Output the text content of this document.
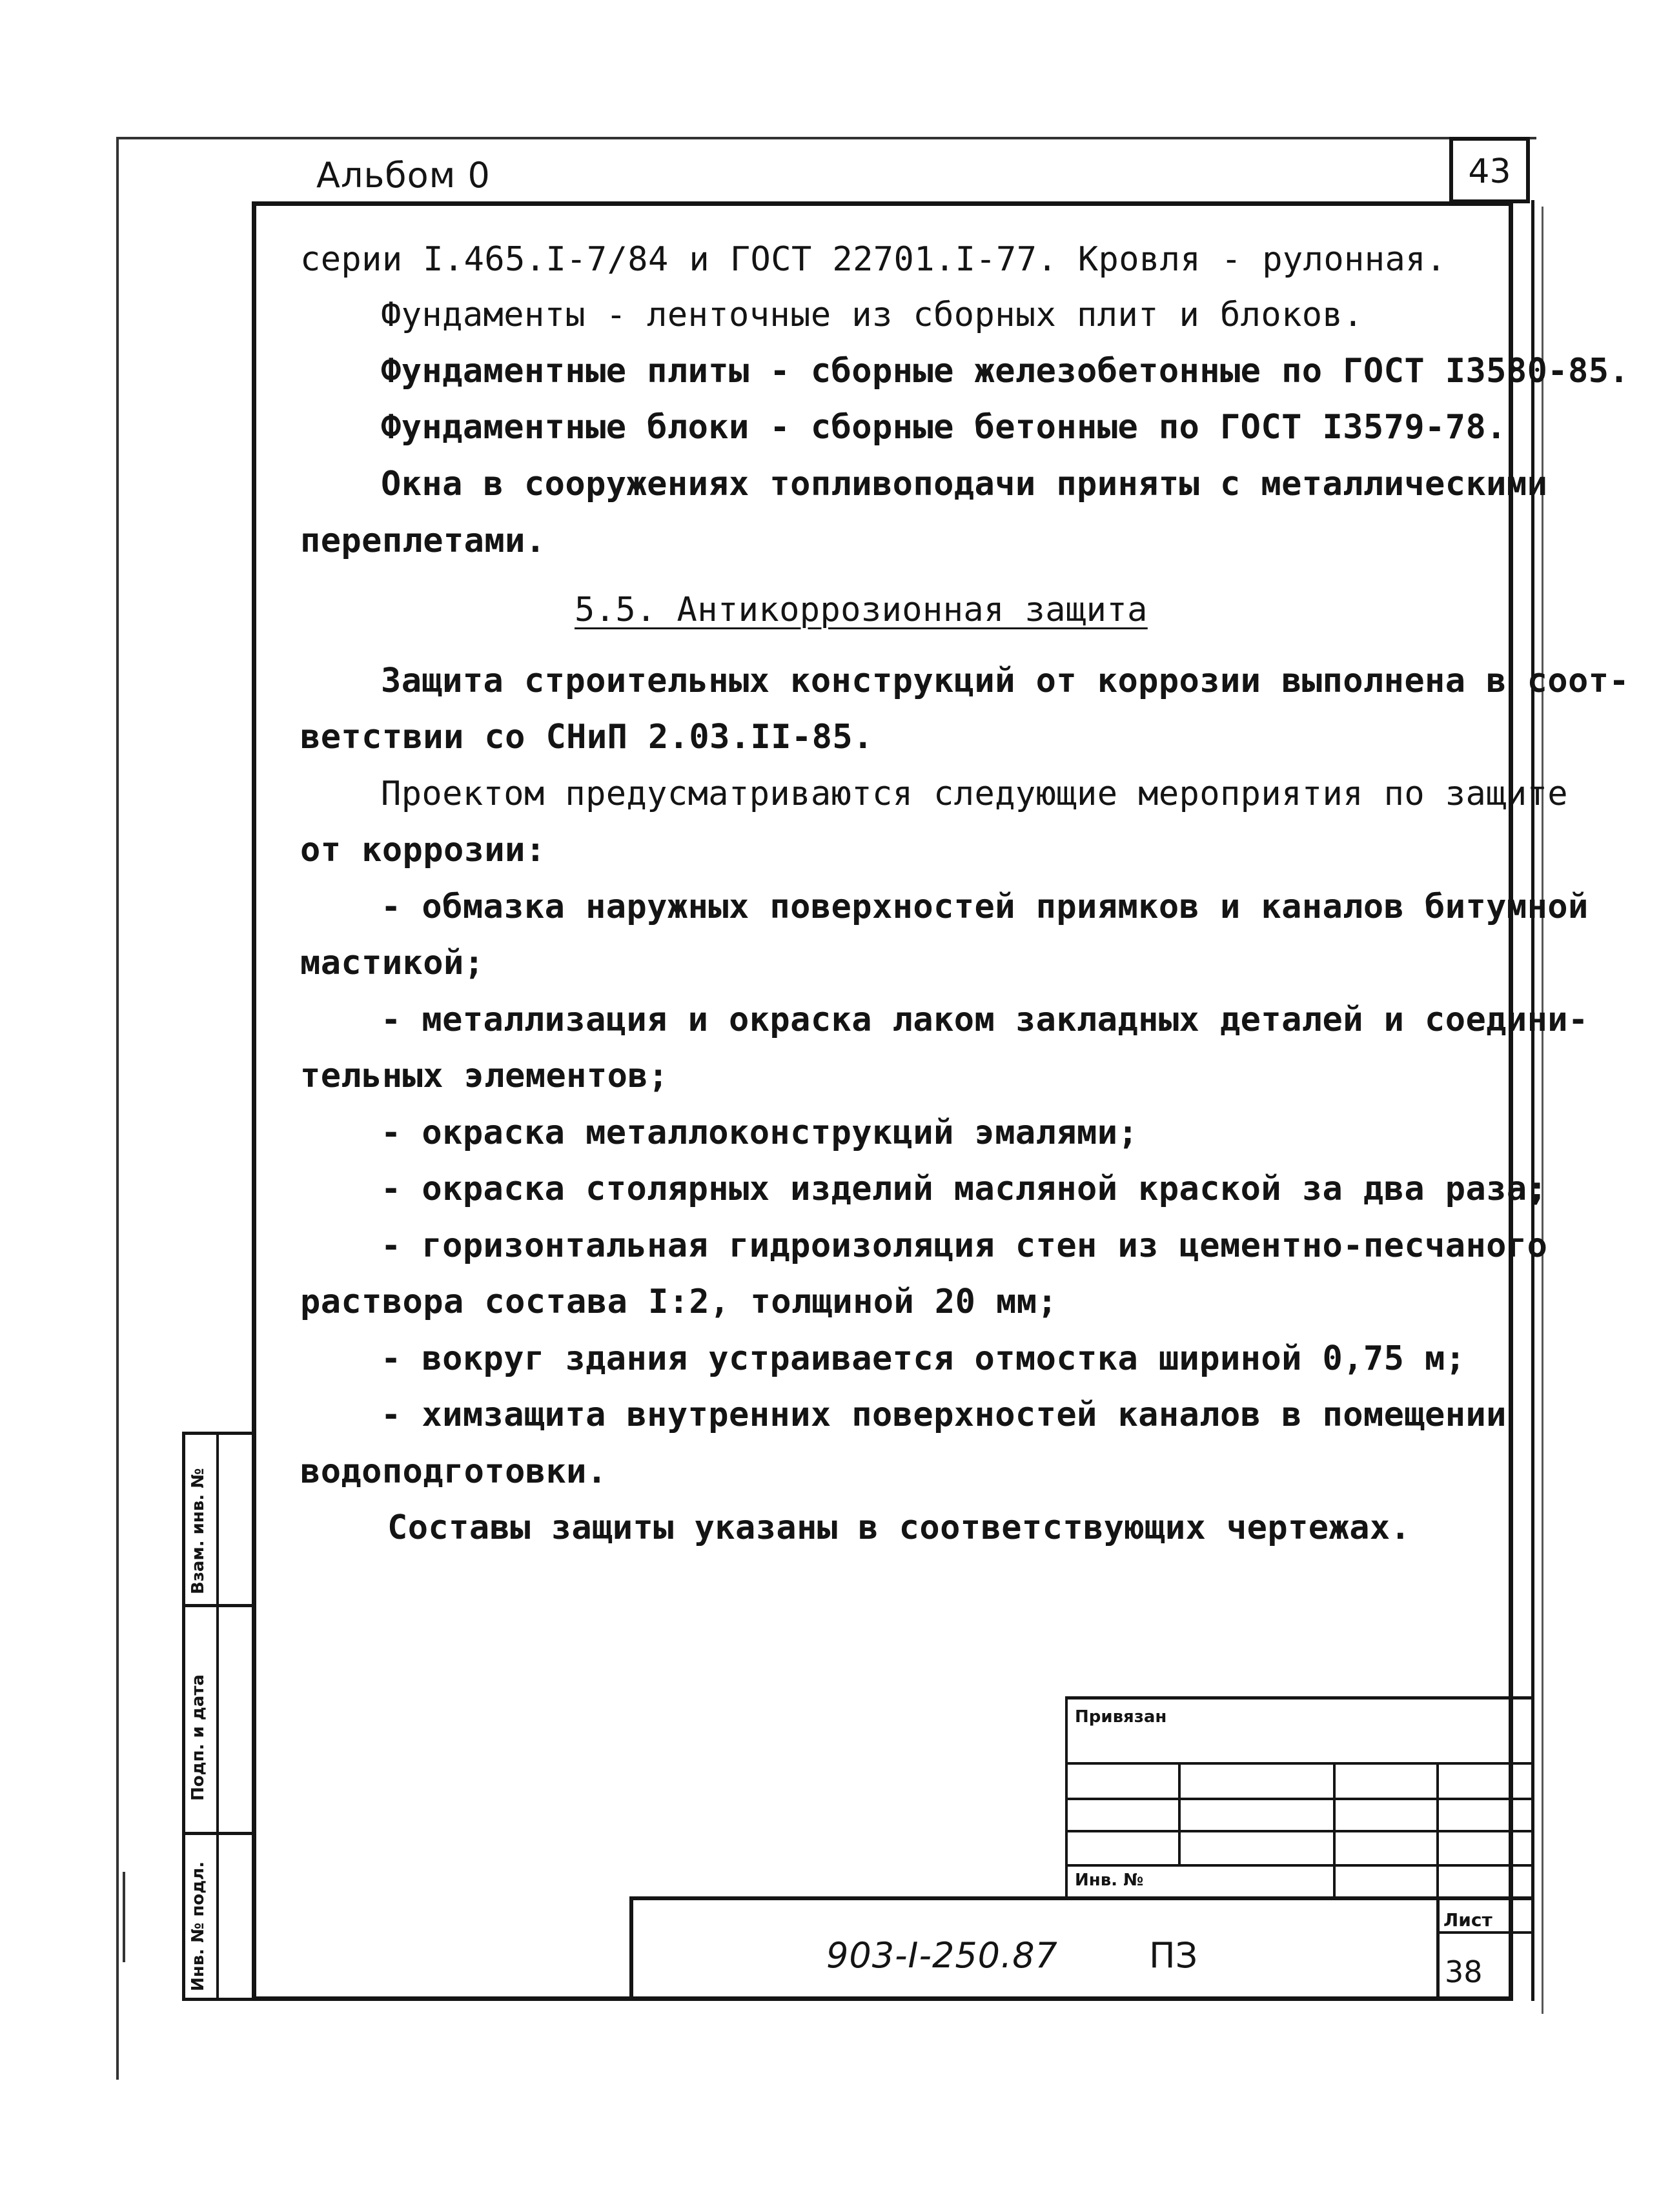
Альбом 0	43
серии I.465.I-7/84 и ГОСТ 22701.I-77. Кровля - рулонная.
Фундаменты - ленточные из сборных плит и блоков.
Фундаментные плиты - сборные железобетонные по ГОСТ I3580-85.
Фундаментные блоки - сборные бетонные по ГОСТ I3579-78.
Окна в сооружениях топливоподачи приняты с металлическими
переплетами.
5.5. Антикоррозионная защита
Защита строительных конструкций от коррозии выполнена в соот-
ветствии со СНиП 2.03.II-85.
Проектом предусматриваются следующие мероприятия по защите
от коррозии:
- обмазка наружных поверхностей приямков и каналов битумной
мастикой;
- металлизация и окраска лаком закладных деталей и соедини-
тельных элементов;
- окраска металлоконструкций эмалями;
- окраска столярных изделий масляной краской за два раза;
- горизонтальная гидроизоляция стен из цементно-песчаного
раствора состава I:2, толщиной 20 мм;
- вокруг здания устраивается отмостка шириной 0,75 м;
- химзащита внутренних поверхностей каналов в помещении
водоподготовки.
Составы защиты указаны в соответствующих чертежах.
Взам. инв. №
Подп. и дата
Инв. № подл.
Привязан
Инв. №
903-I-250.87	ПЗ
Лист
38
